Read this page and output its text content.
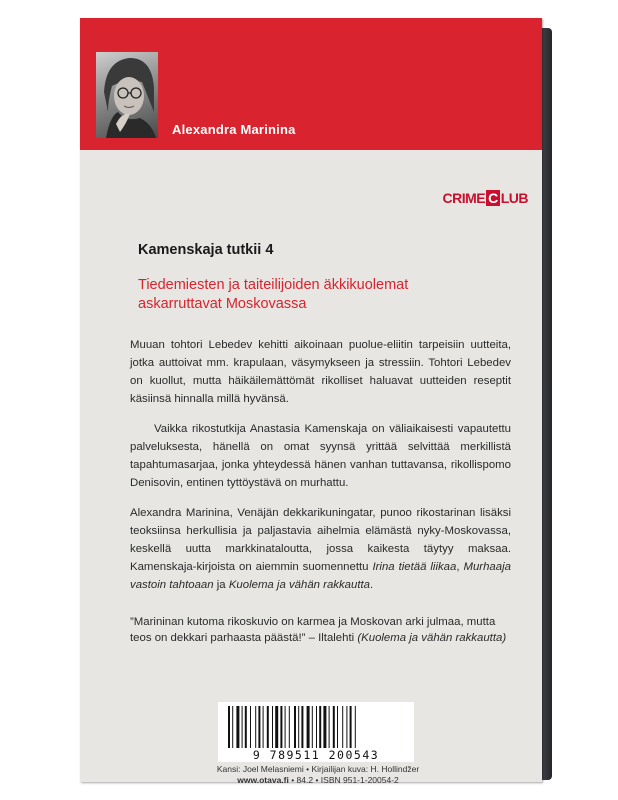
Alexandra Marinina
CRIME C LUB
Kamenskaja tutkii 4
Tiedemiesten ja taiteilijoiden äkkikuolemat
askarruttavat Moskovassa

Muuan tohtori Lebedev kehitti aikoinaan puolue-eliitin tarpeisiin uutteita, jotka auttoivat mm. krapulaan, väsymykseen ja stressiin. Tohtori Lebedev on kuollut, mutta häikäilemättömät rikolliset haluavat uutteiden reseptit käsiinsä hinnalla millä hyvänsä.

Vaikka rikostutkija Anastasia Kamenskaja on väliaikaisesti vapautettu palveluksesta, hänellä on omat syynsä yrittää selvittää merkillistä tapahtumasarjaa, jonka yhteydessä hänen vanhan tuttavansa, rikollispomo Denisovin, entinen tyttöystävä on murhattu.

Alexandra Marinina, Venäjän dekkarikuningatar, punoo rikostarinan lisäksi teoksiinsa herkullisia ja paljastavia aihelmia elämästä nyky-Moskovassa, keskellä uutta markkinataloutta, jossa kaikesta täytyy maksaa. Kamenskaja-kirjoista on aiemmin suomennettu Irina tietää liikaa, Murhaaja vastoin tahtoaan ja Kuolema ja vähän rakkautta.

”Marininan kutoma rikoskuvio on karmea ja Moskovan arki julmaa, mutta teos on dekkari parhaasta päästä!” – Iltalehti (Kuolema ja vähän rakkautta)
9 789511 200543
Kansi: Joel Melasniemi • Kirjailijan kuva: H. Hollindžer
www.otava.fi • 84.2 • ISBN 951-1-20054-2
